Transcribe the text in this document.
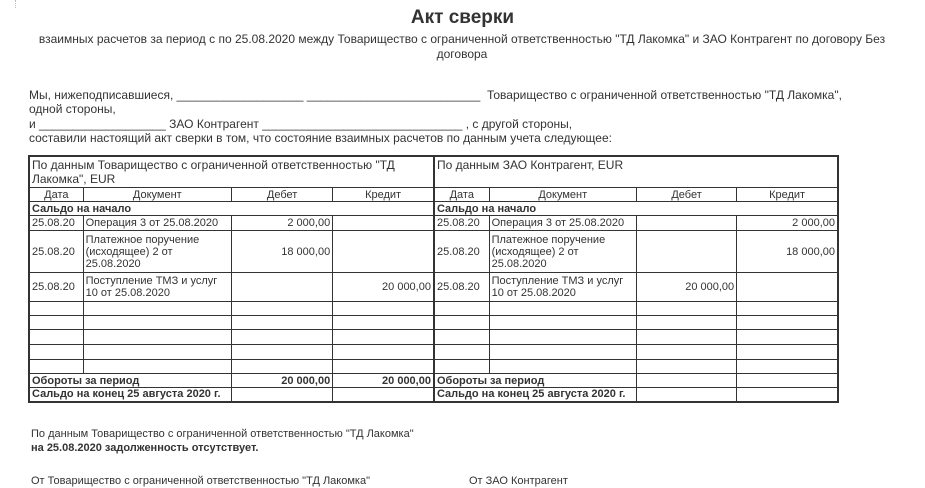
Акт сверки
взаимных расчетов за период с по 25.08.2020 между Товарищество с ограниченной ответственностью "ТД Лакомка" и ЗАО Контрагент по договору Без договора
Мы, нижеподписавшиеся, ___________________ __________________________  Товарищество с ограниченной ответственностью "ТД Лакомка",
одной стороны,
и ___________________ ЗАО Контрагент ______________________________ , с другой стороны,
составили настоящий акт сверки в том, что состояние взаимных расчетов по данным учета следующее:
По данным Товарищество с ограниченной ответственностью "ТД Лакомка", EUR				По данным ЗАО Контрагент, EUR			
Дата	Документ	Дебет	Кредит	Дата	Документ	Дебет	Кредит
Сальдо на начало				Сальдо на начало			
25.08.20	Операция 3 от 25.08.2020	2 000,00		25.08.20	Операция 3 от 25.08.2020		2 000,00
25.08.20	Платежное поручение (исходящее) 2 от 25.08.2020	18 000,00		25.08.20	Платежное поручение (исходящее) 2 от 25.08.2020		18 000,00
25.08.20	Поступление ТМЗ и услуг 10 от 25.08.2020		20 000,00	25.08.20	Поступление ТМЗ и услуг 10 от 25.08.2020	20 000,00	

Обороты за период		20 000,00	20 000,00	Обороты за период			
Сальдо на конец 25 августа 2020 г.				Сальдо на конец 25 августа 2020 г.			
По данным Товарищество с ограниченной ответственностью "ТД Лакомка"
на 25.08.2020 задолженность отсутствует.
От Товарищество с ограниченной ответственностью "ТД Лакомка"	От ЗАО Контрагент
